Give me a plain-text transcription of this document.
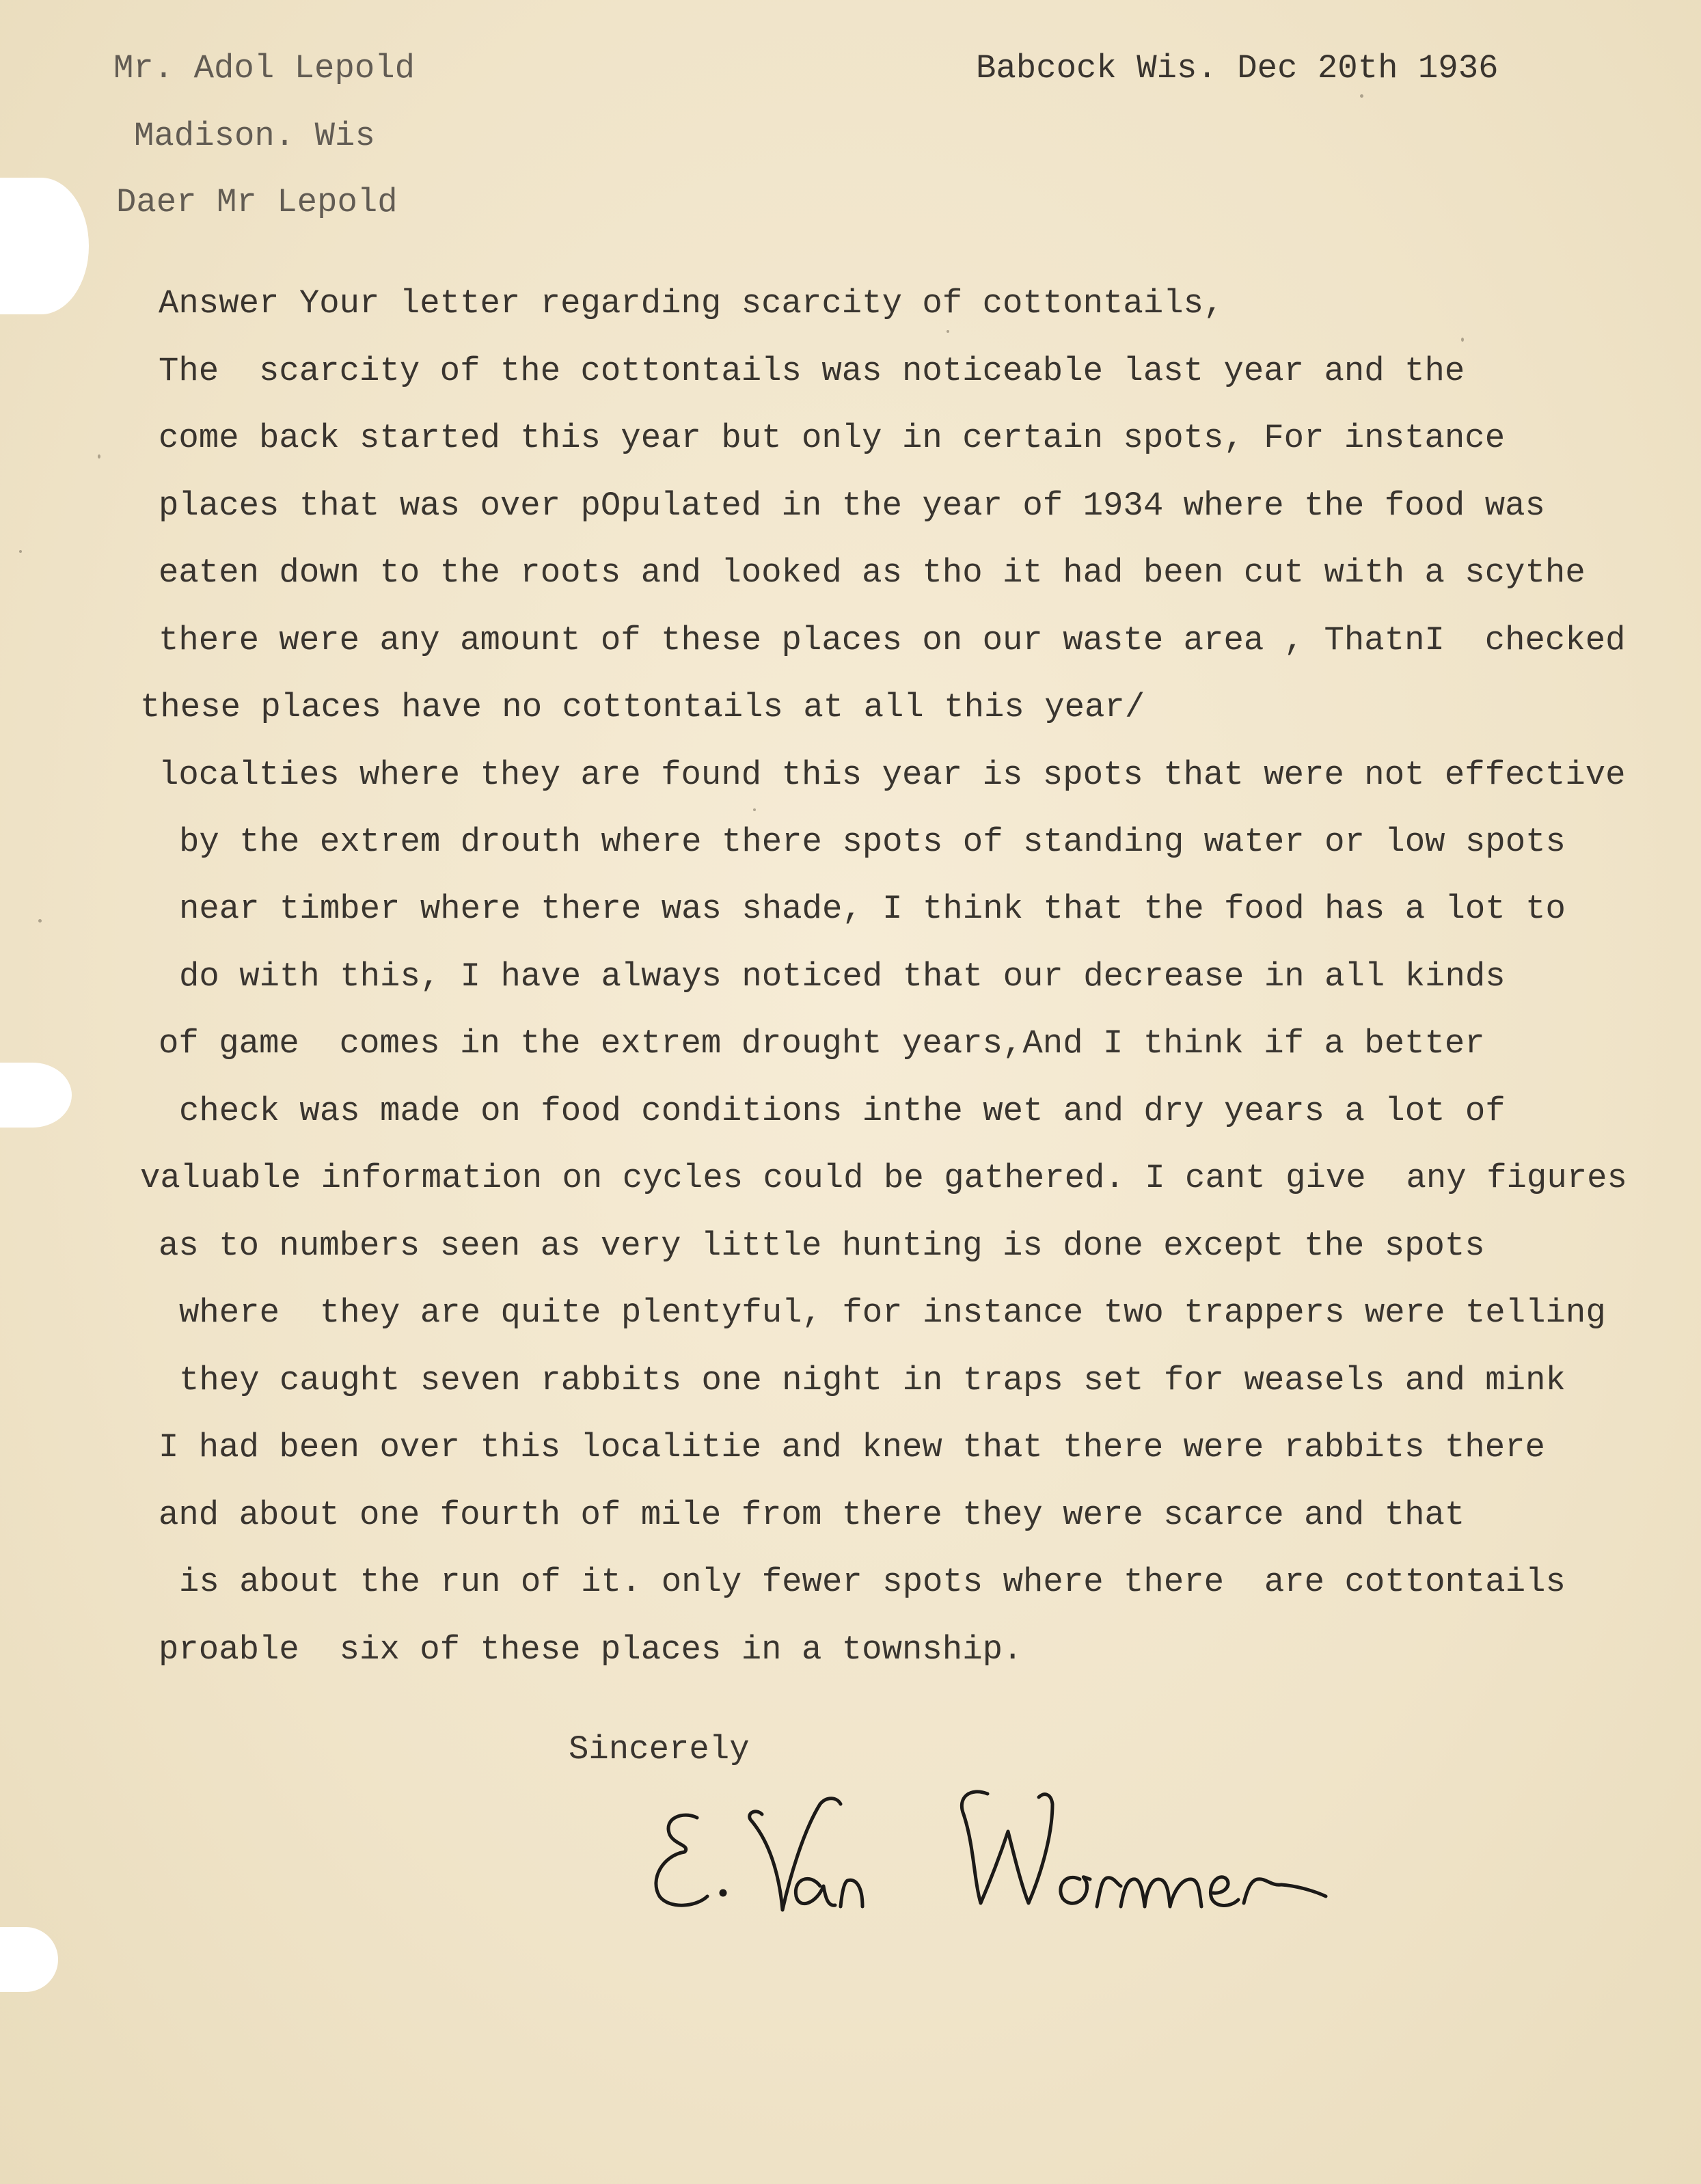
Mr. Adol Lepold	Babcock Wis. Dec 20th 1936
Madison. Wis
Daer Mr Lepold
Answer Your letter regarding scarcity of cottontails,
The  scarcity of the cottontails was noticeable last year and the
come back started this year but only in certain spots, For instance
places that was over pOpulated in the year of 1934 where the food was
eaten down to the roots and looked as tho it had been cut with a scythe
there were any amount of these places on our waste area , ThatnI  checked
these places have no cottontails at all this year/
localties where they are found this year is spots that were not effective
by the extrem drouth where there spots of standing water or low spots
near timber where there was shade, I think that the food has a lot to
do with this, I have always noticed that our decrease in all kinds
of game  comes in the extrem drought years,And I think if a better
check was made on food conditions inthe wet and dry years a lot of
valuable information on cycles could be gathered. I cant give  any figures
as to numbers seen as very little hunting is done except the spots
where  they are quite plentyful, for instance two trappers were telling
they caught seven rabbits one night in traps set for weasels and mink
I had been over this localitie and knew that there were rabbits there
and about one fourth of mile from there they were scarce and that
is about the run of it. only fewer spots where there  are cottontails
proable  six of these places in a township.
Sincerely
